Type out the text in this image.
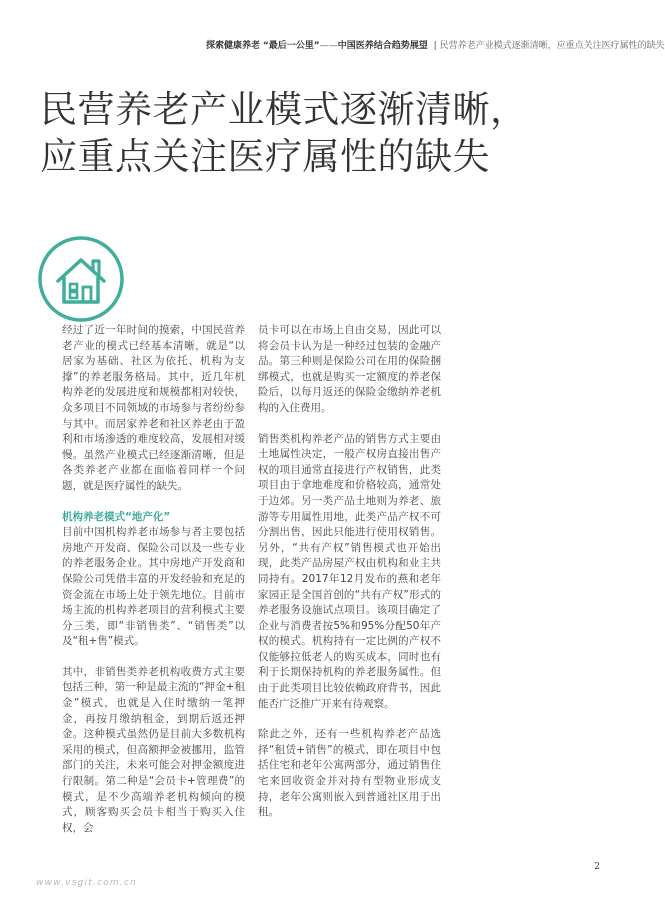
探索健康养老 “最后一公里”——中国医养结合趋势展望 | 民营养老产业模式逐渐清晰，应重点关注医疗属性的缺失
民营养老产业模式逐渐清晰，
应重点关注医疗属性的缺失

经过了近一年时间的摸索，中国民营养老产业的模式已经基本清晰，就是“以居家为基础、社区为依托、机构为支撑”的养老服务格局。其中，近几年机构养老的发展进度和规模都相对较快，众多项目不同领域的市场参与者纷纷参与其中。而居家养老和社区养老由于盈利和市场渗透的难度较高，发展相对缓慢。虽然产业模式已经逐渐清晰，但是各类养老产业都在面临着同样一个问题，就是医疗属性的缺失。

机构养老模式“地产化”

目前中国机构养老市场参与者主要包括房地产开发商、保险公司以及一些专业的养老服务企业。其中房地产开发商和保险公司凭借丰富的开发经验和充足的资金流在市场上处于领先地位。目前市场主流的机构养老项目的营利模式主要分三类，即“非销售类”、“销售类”以及“租+售”模式。

其中，非销售类养老机构收费方式主要包括三种，第一种是最主流的“押金+租金”模式，也就是入住时缴纳一笔押金，再按月缴纳租金，到期后返还押金。这种模式虽然仍是目前大多数机构采用的模式，但高额押金被挪用，监管部门的关注，未来可能会对押金额度进行限制。第二种是“会员卡+管理费”的模式，是不少高端养老机构倾向的模式，顾客购买会员卡相当于购买入住权，会

员卡可以在市场上自由交易，因此可以将会员卡认为是一种经过包装的金融产品。第三种则是保险公司在用的保险捆绑模式，也就是购买一定额度的养老保险后，以每月返还的保险金缴纳养老机构的入住费用。

销售类机构养老产品的销售方式主要由土地属性决定，一般产权房直接出售产权的项目通常直接进行产权销售，此类项目由于拿地难度和价格较高，通常处于边郊。另一类产品土地则为养老、旅游等专用属性用地，此类产品产权不可分割出售，因此只能进行使用权销售。另外，“共有产权”销售模式也开始出现，此类产品房屋产权由机构和业主共同持有。2017年12月发布的燕和老年家园正是全国首创的“共有产权”形式的养老服务设施试点项目。该项目确定了企业与消费者按5%和95%分配50年产权的模式。机构持有一定比例的产权不仅能够拉低老人的购买成本，同时也有利于长期保持机构的养老服务属性。但由于此类项目比较依赖政府背书，因此能否广泛推广开来有待观察。

除此之外，还有一些机构养老产品选择“租赁+销售”的模式，即在项目中包括住宅和老年公寓两部分，通过销售住宅来回收资金并对持有型物业形成支持，老年公寓则嵌入到普通社区用于出租。

2
www.vsgit.com.cn
